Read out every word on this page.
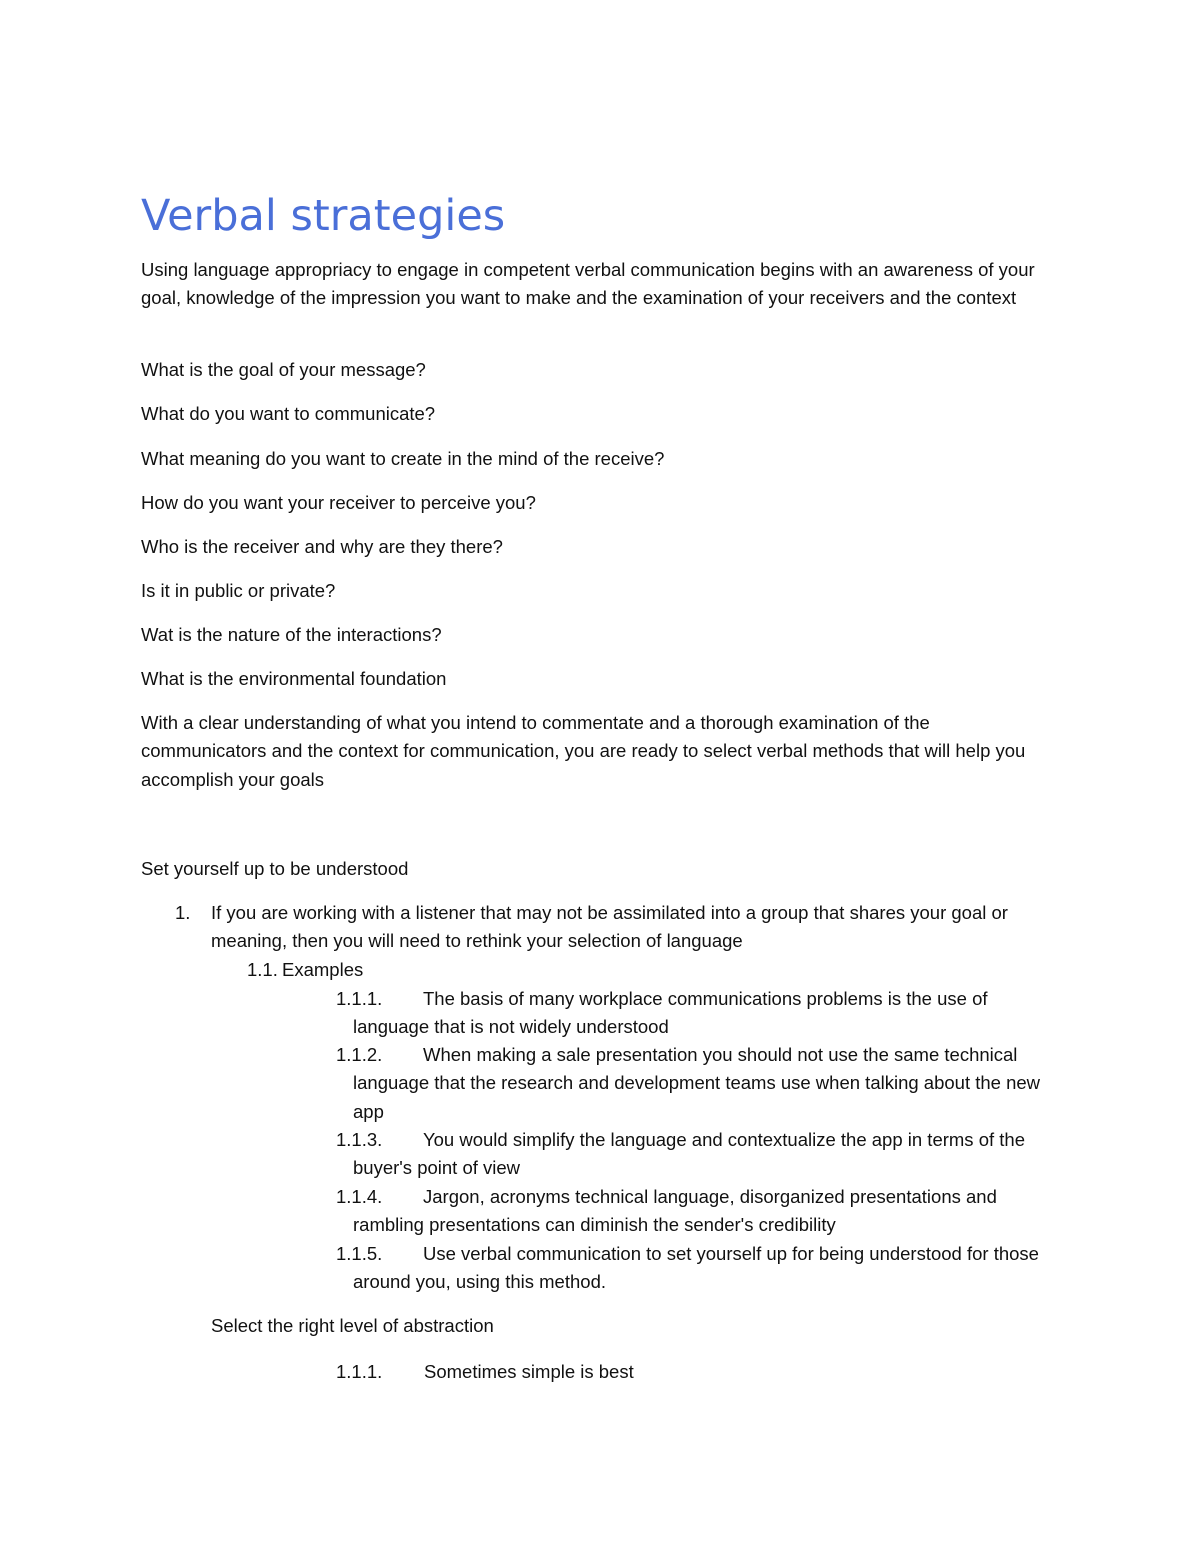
Verbal strategies

Using language appropriacy to engage in competent verbal communication begins with an awareness of your goal, knowledge of the impression you want to make and the examination of your receivers and the context

What is the goal of your message?

What do you want to communicate?

What meaning do you want to create in the mind of the receive?

How do you want your receiver to perceive you?

Who is the receiver and why are they there?

Is it in public or private?

Wat is the nature of the interactions?

What is the environmental foundation

With a clear understanding of what you intend to commentate and a thorough examination of the communicators and the context for communication, you are ready to select verbal methods that will help you accomplish your goals

Set yourself up to be understood

1. If you are working with a listener that may not be assimilated into a group that shares your goal or meaning, then you will need to rethink your selection of language

1.1. Examples

1.1.1.	The basis of many workplace communications problems is the use of language that is not widely understood

1.1.2.	When making a sale presentation you should not use the same technical language that the research and development teams use when talking about the new app

1.1.3.	You would simplify the language and contextualize the app in terms of the buyer's point of view

1.1.4.	Jargon, acronyms technical language, disorganized presentations and rambling presentations can diminish the sender's credibility

1.1.5.	Use verbal communication to set yourself up for being understood for those around you, using this method.

Select the right level of abstraction

1.1.1. Sometimes simple is best
